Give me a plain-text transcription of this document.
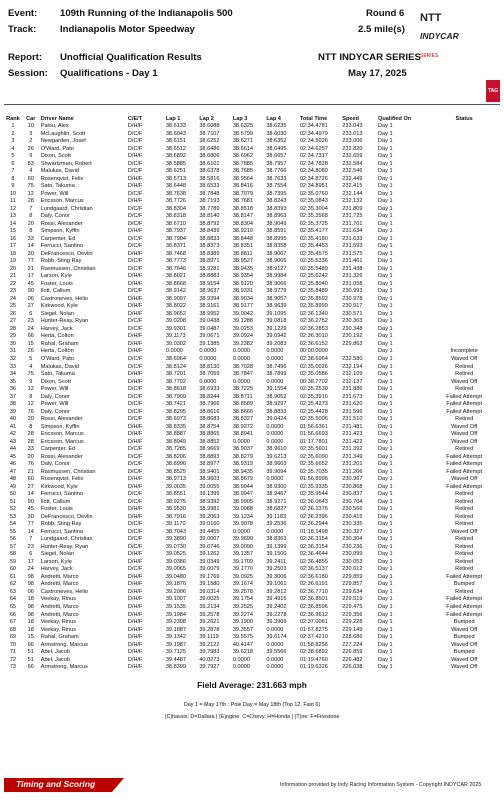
Event: 109th Running of the Indianapolis 500
Track: Indianapolis Motor Speedway
Report: Unofficial Qualification Results
Session: Qualifications - Day 1
Round 6
2.5 mile(s)
NTT INDYCAR SERIES
May 17, 2025
NTT
INDYCAR
SERIES
TAG
Rank	Car	Driver Name	C/E/T	Lap 1	Lap 2	Lap 3	Lap 4	Total Time	Speed	Qualified On	Status
1	10	Palou, Alex	D/H/F	38.6133	38.6088	38.6325	38.6235	02:34.4781	233.043	Day 1	
2	3	McLaughlin, Scott	D/C/F	38.6043	38.7107	38.5799	38.6030	02:34.4979	233.013	Day 1	
3	2	Newgarden, Josef	D/C/F	38.6151	38.6252	38.6271	38.6352	02:34.5026	233.006	Day 1	
4	26	O'Ward, Pato	D/C/F	38.6512	38.6486	38.6614	38.6495	02:34.6257	232.820	Day 1	
5	9	Dixon, Scott	D/H/F	38.6892	38.6806	38.6962	38.6657	02:34.7317	232.659	Day 1	
6	83	Shwartzman, Robert	D/C/F	38.5885	38.6101	38.7885	38.7957	02:34.7828	232.584	Day 1	
7	4	Malukas, David	D/C/F	38.6251	38.6378	38.7685	38.7766	02:34.8080	232.546	Day 1	
8	60	Rosenqvist, Felix	D/H/F	38.5713	38.5816	38.9564	38.7633	02:34.8726	232.449	Day 1	
9	75	Sato, Takuma	D/H/F	38.6448	38.6533	38.8416	38.7554	02:34.8951	232.415	Day 1	
10	12	Power, Will	D/C/F	38.7638	38.7848	38.7079	38.7395	02:35.0760	232.144	Day 1	
11	28	Ericsson, Marcus	D/H/F	38.7726	38.7193	38.7681	38.8243	02:35.0843	232.132	Day 1	
12	7	Lundgaard, Christian	D/C/F	38.8304	38.7789	38.8518	38.8393	02:35.3004	231.809	Day 1	
13	8	Daly, Conor	D/C/F	38.8318	38.8140	38.8147	38.8963	02:35.3568	231.725	Day 1	
14	20	Rossi, Alexander	D/C/F	38.6710	38.8792	38.8304	38.9049	02:35.3725	231.701	Day 1	
15	8	Simpson, Kyffin	D/H/F	38.7937	38.8439	38.9210	38.8591	02:35.4177	231.634	Day 1	
16	33	Carpenter, Ed	D/C/F	38.7904	38.8833	38.8448	38.8995	02:35.4180	231.633	Day 1	
17	14	Ferrucci, Santino	D/C/F	38.8371	38.8373	38.8351	38.8358	02:35.4453	231.593	Day 1	
18	30	DeFrancesco, Devlin	D/H/F	38.7468	38.8389	38.8811	38.9007	02:35.4575	231.575	Day 1	
19	77	Robb, Sting Ray	D/C/F	38.7773	38.8971	38.9527	38.9065	02:35.5336	231.461	Day 1	
20	21	Rasmussen, Christian	D/C/F	38.7646	38.9281	38.9435	38.9127	02:35.5489	231.438	Day 1	
21	17	Larson, Kyle	D/H/F	38.8021	38.8883	38.9354	38.9984	02:35.6242	231.326	Day 1	
22	45	Foster, Louis	D/H/F	38.8668	38.9154	38.9120	38.9066	02:35.8040	231.058	Day 1	
23	90	Ilott, Callum	D/C/F	38.9142	38.9637	38.9331	38.9779	02:35.8489	230.993	Day 1	
24	06	Castroneves, Helio	D/H/F	38.9097	38.9394	38.9034	38.9057	02:35.8592	230.978	Day 1	
25	27	Kirkwood, Kyle	D/H/F	38.8022	38.9161	38.9177	38.9639	02:35.8999	230.917	Day 1	
26	6	Siegel, Nolan	D/H/F	38.9652	38.9952	39.0042	39.1095	02:36.1340	230.571	Day 1	
27	23	Hunter-Reay, Ryan	D/C/F	39.0208	39.0438	39.1288	39.0818	02:36.2752	230.363	Day 1	
28	24	Harvey, Jack	D/C/F	39.9301	39.0487	39.0253	39.1229	02:36.2853	230.348	Day 1	
29	66	Herta, Colton	D/H/F	39.1173	39.0671	39.0924	39.0942	02:36.3010	230.192	Day 1	
30	15	Rahal, Graham	D/H/F	39.0302	39.1385	39.2382	39.2083	02:36.6152	229.863	Day 1	
31	26	Herta, Colton	D/H/F	0.0000	0.0000	0.0000	0.0000	00:00.0000		Day 1	Incomplete
32	5	O'Ward, Pato	D/C/F	38.6964	0.0000	0.0000	0.0000	02:38.6964	232.580	Day 1	Waved Off
33	4	Malukas, David	D/C/F	38.8124	38.8130	38.7028	38.7496	02:35.0026	232.194	Day 1	Retired
34	75	Sato, Takuma	D/H/F	38.7201	38.7059	38.7847	38.7899	02:35.0586	232.109	Day 1	Retired
35	9	Dixon, Scott	D/H/F	38.7702	0.0000	0.0000	0.0000	00:38.7702	232.137	Day 1	Waved Off
36	12	Power, Will	D/C/F	38.8618	38.6933	38.7225	39.1554	02:35.2530	231.886	Day 1	Retired
37	8	Daly, Conor	D/C/F	38.7909	38.8244	38.8711	38.9052	02:35.3916	231.673	Day 1	Failed Attempt
38	12	Power, Will	D/C/F	38.7421	38.7966	38.8589	38.9297	02:35.4273	231.620	Day 1	Failed Attempt
39	76	Daly, Conor	D/C/F	38.8295	38.8616	38.8666	38.8833	02:35.4428	231.596	Day 1	Failed Attempt
40	20	Rossi, Alexander	D/C/F	38.6973	38.8683	38.8327	39.0424	02:35.5006	231.510	Day 1	Retired
41	8	Simpson, Kyffin	D/H/F	38.8335	38.8754	38.9272	0.0000	01:56.6361	231.481	Day 1	Waved Off
42	28	Ericsson, Marcus	D/H/F	38.8887	38.8865	38.8941	0.0000	01:56.6693	231.423	Day 1	Waved Off
43	28	Ericsson, Marcus	D/H/F	38.8949	38.8852	0.0000	0.0000	01:17.7801	231.422	Day 1	Waved Off
44	33	Carpenter, Ed	D/C/F	38.7285	38.9669	38.9037	38.9610	02:35.5601	231.392	Day 1	Retired
45	20	Rossi, Alexander	D/C/F	38.8206	38.8893	38.8279	39.6213	02:35.6090	231.349	Day 1	Failed Attempt
46	76	Daly, Conor	D/C/F	38.8996	38.8977	38.9319	38.9603	02:35.6652	231.201	Day 1	Failed Attempt
47	21	Rasmussen, Christian	D/C/F	38.8525	38.9401	38.9435	39.9094	02:35.7035	231.206	Day 1	Failed Attempt
48	60	Rosenqvist, Felix	D/H/F	38.9713	38.9603	38.8679	0.0000	01:56.8996	230.967	Day 1	Waved Off
49	27	Kirkwood, Kyle	D/H/F	39.0035	39.0055	38.9944	38.9300	02:35.9335	230.868	Day 1	Failed Attempt
50	14	Ferrucci, Santino	D/C/F	38.8551	39.1399	38.9947	38.9467	02:35.9544	230.837	Day 1	Retired
51	90	Ilott, Callum	D/C/F	38.9275	38.9392	38.9905	38.9271	02:36.0643	230.704	Day 1	Retired
52	45	Foster, Louis	D/H/F	38.9530	38.9981	39.0988	38.6827	02:36.1376	230.566	Day 1	Retired
53	30	DeFrancesco, Devlin	D/H/F	38.7916	39.2063	39.1234	39.1183	02:36.2396	230.415	Day 1	Retired
54	77	Robb, Sting Ray	D/C/F	39.1170	39.0160	39.9078	39.2536	02:36.2944	230.335	Day 1	Retired
55	14	Ferrucci, Santino	D/C/F	38.7043	39.4455	0.0000	0.0000	01:18.1498	230.327	Day 1	Waved Off
56	7	Lundgaard, Christian	D/C/F	39.3890	39.0007	39.9699	38.8363	02:36.3154	230.304	Day 1	Retired
57	23	Hunter-Reay, Ryan	D/C/F	39.0730	39.0746	39.0090	39.1399	02:36.3154	230.236	Day 1	Retired
58	6	Siegel, Nolan	D/H/F	39.0525	39.1262	39.1357	39.1500	02:36.4644	230.099	Day 1	Retired
59	17	Larson, Kyle	D/H/F	39.0386	39.0349	39.1709	39.2411	02:36.4855	230.053	Day 1	Retired
60	24	Harvey, Jack	D/C/F	39.0065	39.0079	39.1770	39.2503	02:36.5137	230.012	Day 1	Retired
61	98	Andretti, Marco	D/H/F	39.0480	39.1769	39.0925	39.3006	02:36.6180	229.859	Day 1	Failed Attempt
62	98	Andretti, Marco	D/H/F	39.1876	39.1580	39.1674	39.1061	02:36.6191	229.857	Day 1	Bumped
63	06	Castroneves, Helio	D/H/F	39.2006	39.0314	39.2578	39.2812	02:36.7710	229.634	Day 1	Retired
64	18	Veekay, Rinus	D/H/F	39.1007	39.0025	39.1754	39.4915	02:36.8501	229.519	Day 1	Failed Attempt
65	98	Andretti, Marco	D/H/F	39.1535	39.2134	39.2525	39.2402	02:36.8596	229.475	Day 1	Failed Attempt
66	98	Andretti, Marco	D/H/F	39.1984	39.2578	39.2274	39.2278	02:36.9612	229.356	Day 1	Failed Attempt
67	18	Veekay, Rinus	D/H/F	39.2308	39.2621	39.1900	39.3909	02:37.0061	229.228	Day 1	Bumped
68	18	Veekay, Rinus	D/H/F	39.1887	39.2878	39.3557	0.0000	01:57.8275	229.149	Day 1	Waved Off
69	15	Rahal, Graham	D/H/F	39.1342	39.1119	39.5575	39.6174	02:37.4210	228.686	Day 1	Bumped
70	66	Armstrong, Marcus	D/H/F	39.1987	39.2122	40.4147	0.0000	01:58.8256	227.224	Day 1	Waved Off
71	51	Abel, Jacob	D/H/F	39.7125	39.7983	39.6218	39.5566	02:38.6892	226.859	Day 1	Bumped
72	51	Abel, Jacob	D/H/F	39.4487	40.0273	0.0000	0.0000	01:19.4760	226.482	Day 1	Waved Off
73	66	Armstrong, Marcus	D/H/F	38.8399	39.7927	0.0000	0.0000	01:19.6326	226.038	Day 1	Waved Off
Field Average: 231.663 mph
Day 1 = May 17th : Pole Day = May 18th (Top 12, Fast 6)
(C)hassis: D=Dallara | (E)ngine: C=Chevy, H=Honda | (T)ire: F=Firestone
Timing and Scoring	Information provided by Indy Racing Information System - Copyright INDYCAR 2025
